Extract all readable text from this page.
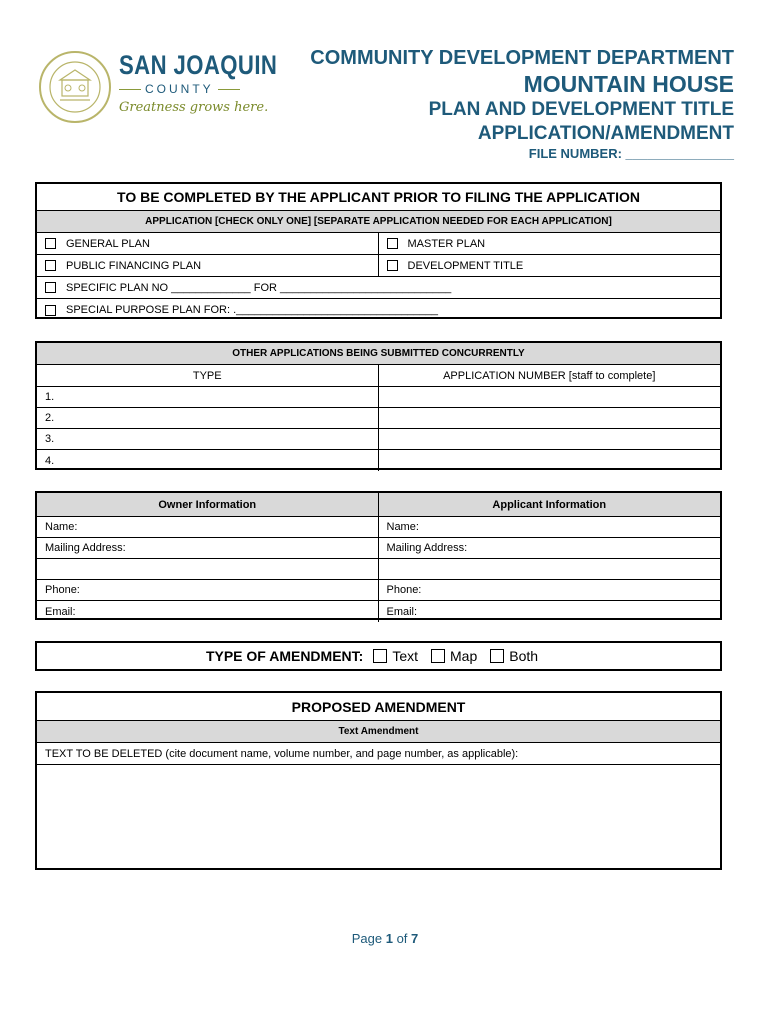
SAN JOAQUIN
COUNTY
Greatness grows here.
COMMUNITY DEVELOPMENT DEPARTMENT
MOUNTAIN HOUSE
PLAN AND DEVELOPMENT TITLE
APPLICATION/AMENDMENT
FILE NUMBER: _______________
TO BE COMPLETED BY THE APPLICANT PRIOR TO FILING THE APPLICATION
APPLICATION [CHECK ONLY ONE] [SEPARATE APPLICATION NEEDED FOR EACH APPLICATION]
GENERAL PLAN	MASTER PLAN
PUBLIC FINANCING PLAN	DEVELOPMENT TITLE
SPECIFIC PLAN NO _____________ FOR ____________________________
SPECIAL PURPOSE PLAN FOR: ._________________________________
OTHER APPLICATIONS BEING SUBMITTED CONCURRENTLY
TYPE	APPLICATION NUMBER [staff to complete]
1.
2.
3.
4.
Owner Information	Applicant Information
Name:	Name:
Mailing Address:	Mailing Address:
Phone:	Phone:
Email:	Email:
TYPE OF AMENDMENT: Text Map Both
PROPOSED AMENDMENT
Text Amendment
TEXT TO BE DELETED (cite document name, volume number, and page number, as applicable):
Page 1 of 7
